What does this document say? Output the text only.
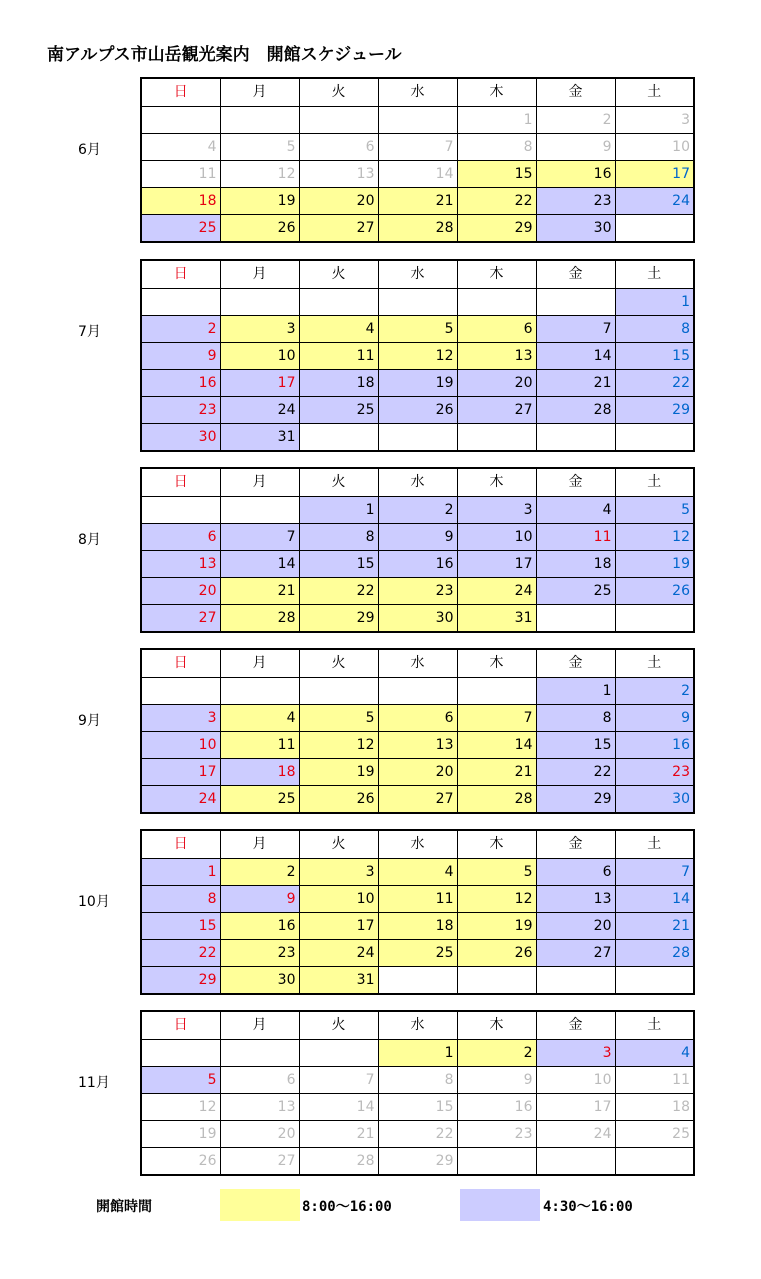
南アルプス市山岳観光案内　開館スケジュール
6月
日	月	火	水	木	金	土
				1	2	3
4	5	6	7	8	9	10
11	12	13	14	15	16	17
18	19	20	21	22	23	24
25	26	27	28	29	30	
7月
日	月	火	水	木	金	土
						1
2	3	4	5	6	7	8
9	10	11	12	13	14	15
16	17	18	19	20	21	22
23	24	25	26	27	28	29
30	31					
8月
日	月	火	水	木	金	土
		1	2	3	4	5
6	7	8	9	10	11	12
13	14	15	16	17	18	19
20	21	22	23	24	25	26
27	28	29	30	31		
9月
日	月	火	水	木	金	土
					1	2
3	4	5	6	7	8	9
10	11	12	13	14	15	16
17	18	19	20	21	22	23
24	25	26	27	28	29	30
10月
日	月	火	水	木	金	土
1	2	3	4	5	6	7
8	9	10	11	12	13	14
15	16	17	18	19	20	21
22	23	24	25	26	27	28
29	30	31				
11月
日	月	火	水	木	金	土
			1	2	3	4
5	6	7	8	9	10	11
12	13	14	15	16	17	18
19	20	21	22	23	24	25
26	27	28	29			
開館時間	8:00～16:00	4:30～16:00
